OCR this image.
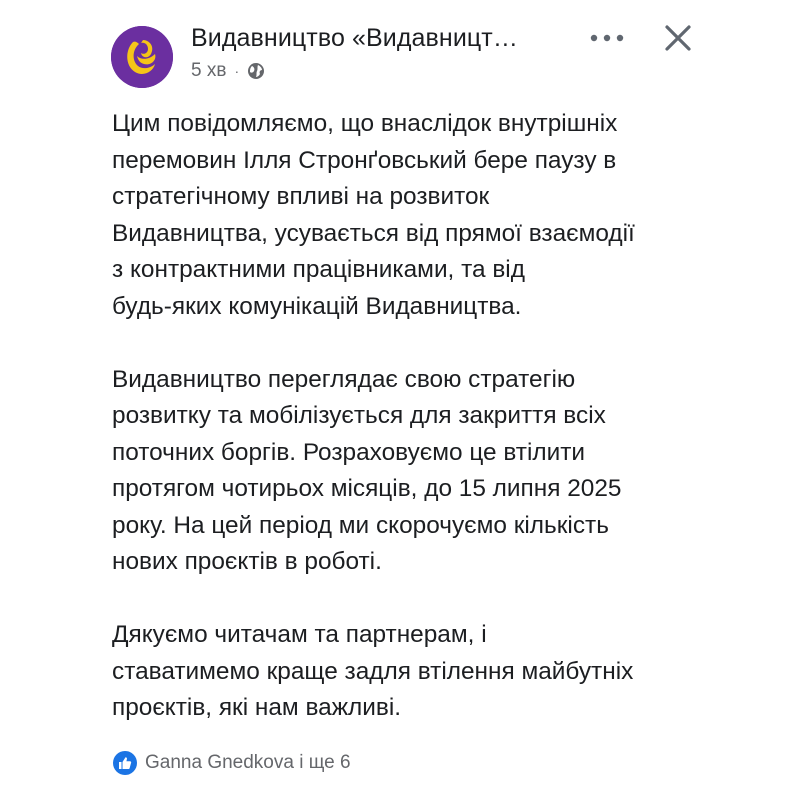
Видавництво «Видавницт…
5 хв ·

Цим повідомляємо, що внаслідок внутрішніх
перемовин Ілля Стронґовський бере паузу в
стратегічному впливі на розвиток
Видавництва, усувається від прямої взаємодії
з контрактними працівниками, та від
будь-яких комунікацій Видавництва.

Видавництво переглядає свою стратегію
розвитку та мобілізується для закриття всіх
поточних боргів. Розраховуємо це втілити
протягом чотирьох місяців, до 15 липня 2025
року. На цей період ми скорочуємо кількість
нових проєктів в роботі.

Дякуємо читачам та партнерам, і
ставатимемо краще задля втілення майбутніх
проєктів, які нам важливі.

Ganna Gnedkova і ще 6
